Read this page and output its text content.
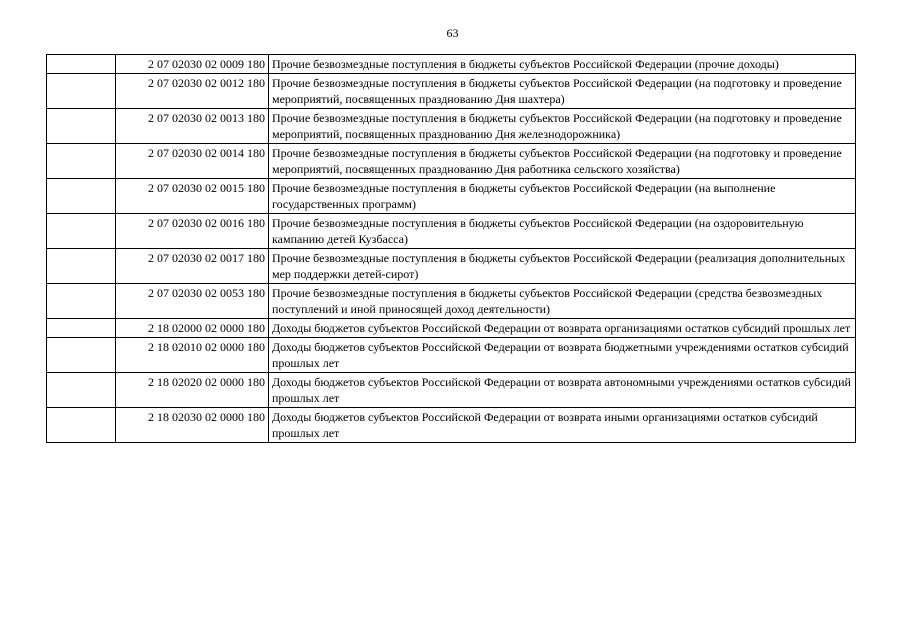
63
	2 07 02030 02 0009 180	Прочие безвозмездные поступления в бюджеты субъектов Российской Федерации (прочие доходы)
	2 07 02030 02 0012 180	Прочие безвозмездные поступления в бюджеты субъектов Российской Федерации (на подготовку и проведение мероприятий, посвященных празднованию Дня шахтера)
	2 07 02030 02 0013 180	Прочие безвозмездные поступления в бюджеты субъектов Российской Федерации (на подготовку и проведение мероприятий, посвященных празднованию Дня железнодорожника)
	2 07 02030 02 0014 180	Прочие безвозмездные поступления в бюджеты субъектов Российской Федерации (на подготовку и проведение мероприятий, посвященных празднованию Дня работника сельского хозяйства)
	2 07 02030 02 0015 180	Прочие безвозмездные поступления в бюджеты субъектов Российской Федерации (на выполнение государственных программ)
	2 07 02030 02 0016 180	Прочие безвозмездные поступления в бюджеты субъектов Российской Федерации (на оздоровительную кампанию детей Кузбасса)
	2 07 02030 02 0017 180	Прочие безвозмездные поступления в бюджеты субъектов Российской Федерации (реализация дополнительных мер поддержки детей-сирот)
	2 07 02030 02 0053 180	Прочие безвозмездные поступления в бюджеты субъектов Российской Федерации (средства безвозмездных поступлений и иной приносящей доход деятельности)
	2 18 02000 02 0000 180	Доходы бюджетов субъектов Российской Федерации от возврата организациями остатков субсидий прошлых лет
	2 18 02010 02 0000 180	Доходы бюджетов субъектов Российской Федерации от возврата бюджетными учреждениями остатков субсидий прошлых лет
	2 18 02020 02 0000 180	Доходы бюджетов субъектов Российской Федерации от возврата автономными учреждениями остатков субсидий прошлых лет
	2 18 02030 02 0000 180	Доходы бюджетов субъектов Российской Федерации от возврата иными организациями остатков субсидий прошлых лет
